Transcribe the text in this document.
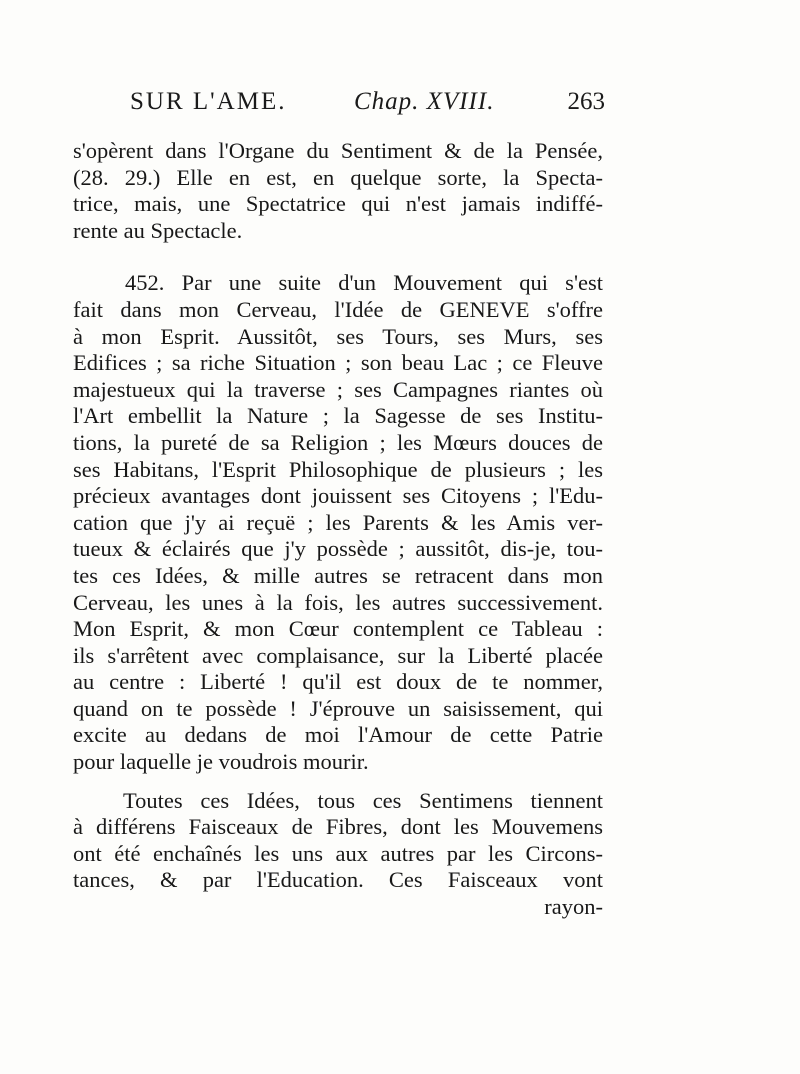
SUR L'AME.	Chap. XVIII.	263
s'opèrent dans l'Organe du Sentiment & de la Pensée,
(28. 29.) Elle en est, en quelque sorte, la Specta-
trice, mais, une Spectatrice qui n'est jamais indiffé-
rente au Spectacle.
452. Par une suite d'un Mouvement qui s'est
fait dans mon Cerveau, l'Idée de GENEVE s'offre
à mon Esprit. Aussitôt, ses Tours, ses Murs, ses
Edifices ; sa riche Situation ; son beau Lac ; ce Fleuve
majestueux qui la traverse ; ses Campagnes riantes où
l'Art embellit la Nature ; la Sagesse de ses Institu-
tions, la pureté de sa Religion ; les Mœurs douces de
ses Habitans, l'Esprit Philosophique de plusieurs ; les
précieux avantages dont jouissent ses Citoyens ; l'Edu-
cation que j'y ai reçuë ; les Parents & les Amis ver-
tueux & éclairés que j'y possède ; aussitôt, dis-je, tou-
tes ces Idées, & mille autres se retracent dans mon
Cerveau, les unes à la fois, les autres successivement.
Mon Esprit, & mon Cœur contemplent ce Tableau :
ils s'arrêtent avec complaisance, sur la Liberté placée
au centre : Liberté ! qu'il est doux de te nommer,
quand on te possède ! J'éprouve un saisissement, qui
excite au dedans de moi l'Amour de cette Patrie
pour laquelle je voudrois mourir.
Toutes ces Idées, tous ces Sentimens tiennent
à différens Faisceaux de Fibres, dont les Mouvemens
ont été enchaînés les uns aux autres par les Circons-
tances, & par l'Education. Ces Faisceaux vont
rayon-
